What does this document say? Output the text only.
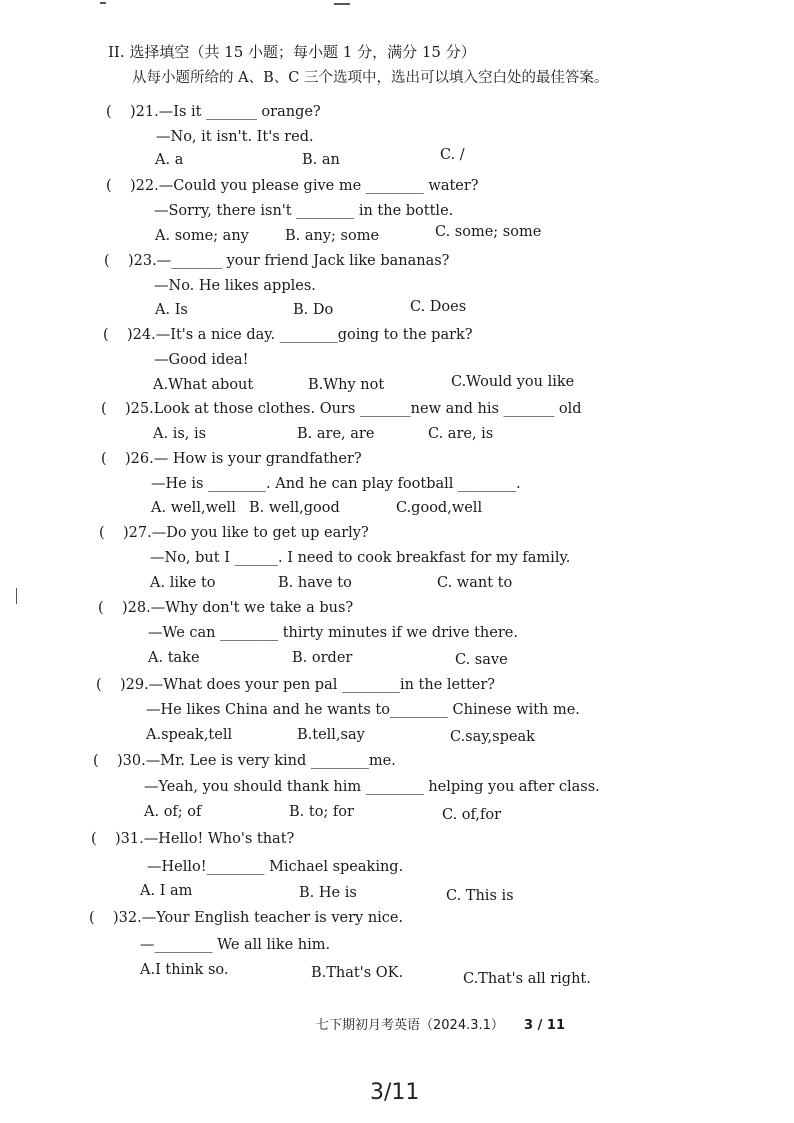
II. 选择填空（共 15 小题；每小题 1 分，满分 15 分）
从每小题所给的 A、B、C 三个选项中，选出可以填入空白处的最佳答案。
( )21.—Is it _______ orange?
—No, it isn't. It's red.
A. a	B. an	C. /
( )22.—Could you please give me ________ water?
—Sorry, there isn't ________ in the bottle.
A. some; any B. any; some	C. some; some
( )23.—_______ your friend Jack like bananas?
—No. He likes apples.
A. Is	B. Do	C. Does
( )24.—It's a nice day. ________going to the park?
—Good idea!
A.What about	B.Why not	C.Would you like
( )25.Look at those clothes. Ours _______new and his _______ old
A. is, is	B. are, are	C. are, is
( )26.— How is your grandfather?
—He is ________. And he can play football ________.
A. well,well B. well,good	C.good,well
( )27.—Do you like to get up early?
—No, but I ______. I need to cook breakfast for my family.
A. like to	B. have to	C. want to
( )28.—Why don't we take a bus?
—We can ________ thirty minutes if we drive there.
A. take	B. order	C. save
( )29.—What does your pen pal ________in the letter?
—He likes China and he wants to________ Chinese with me.
A.speak,tell	B.tell,say	C.say,speak
( )30.—Mr. Lee is very kind ________me.
—Yeah, you should thank him ________ helping you after class.
A. of; of	B. to; for	C. of,for
( )31.—Hello! Who's that?
—Hello!________ Michael speaking.
A. I am	B. He is	C. This is
( )32.—Your English teacher is very nice.
—________ We all like him.
A.I think so.	B.That's OK.	C.That's all right.
七下期初月考英语（2024.3.1） 3 / 11
3/11
